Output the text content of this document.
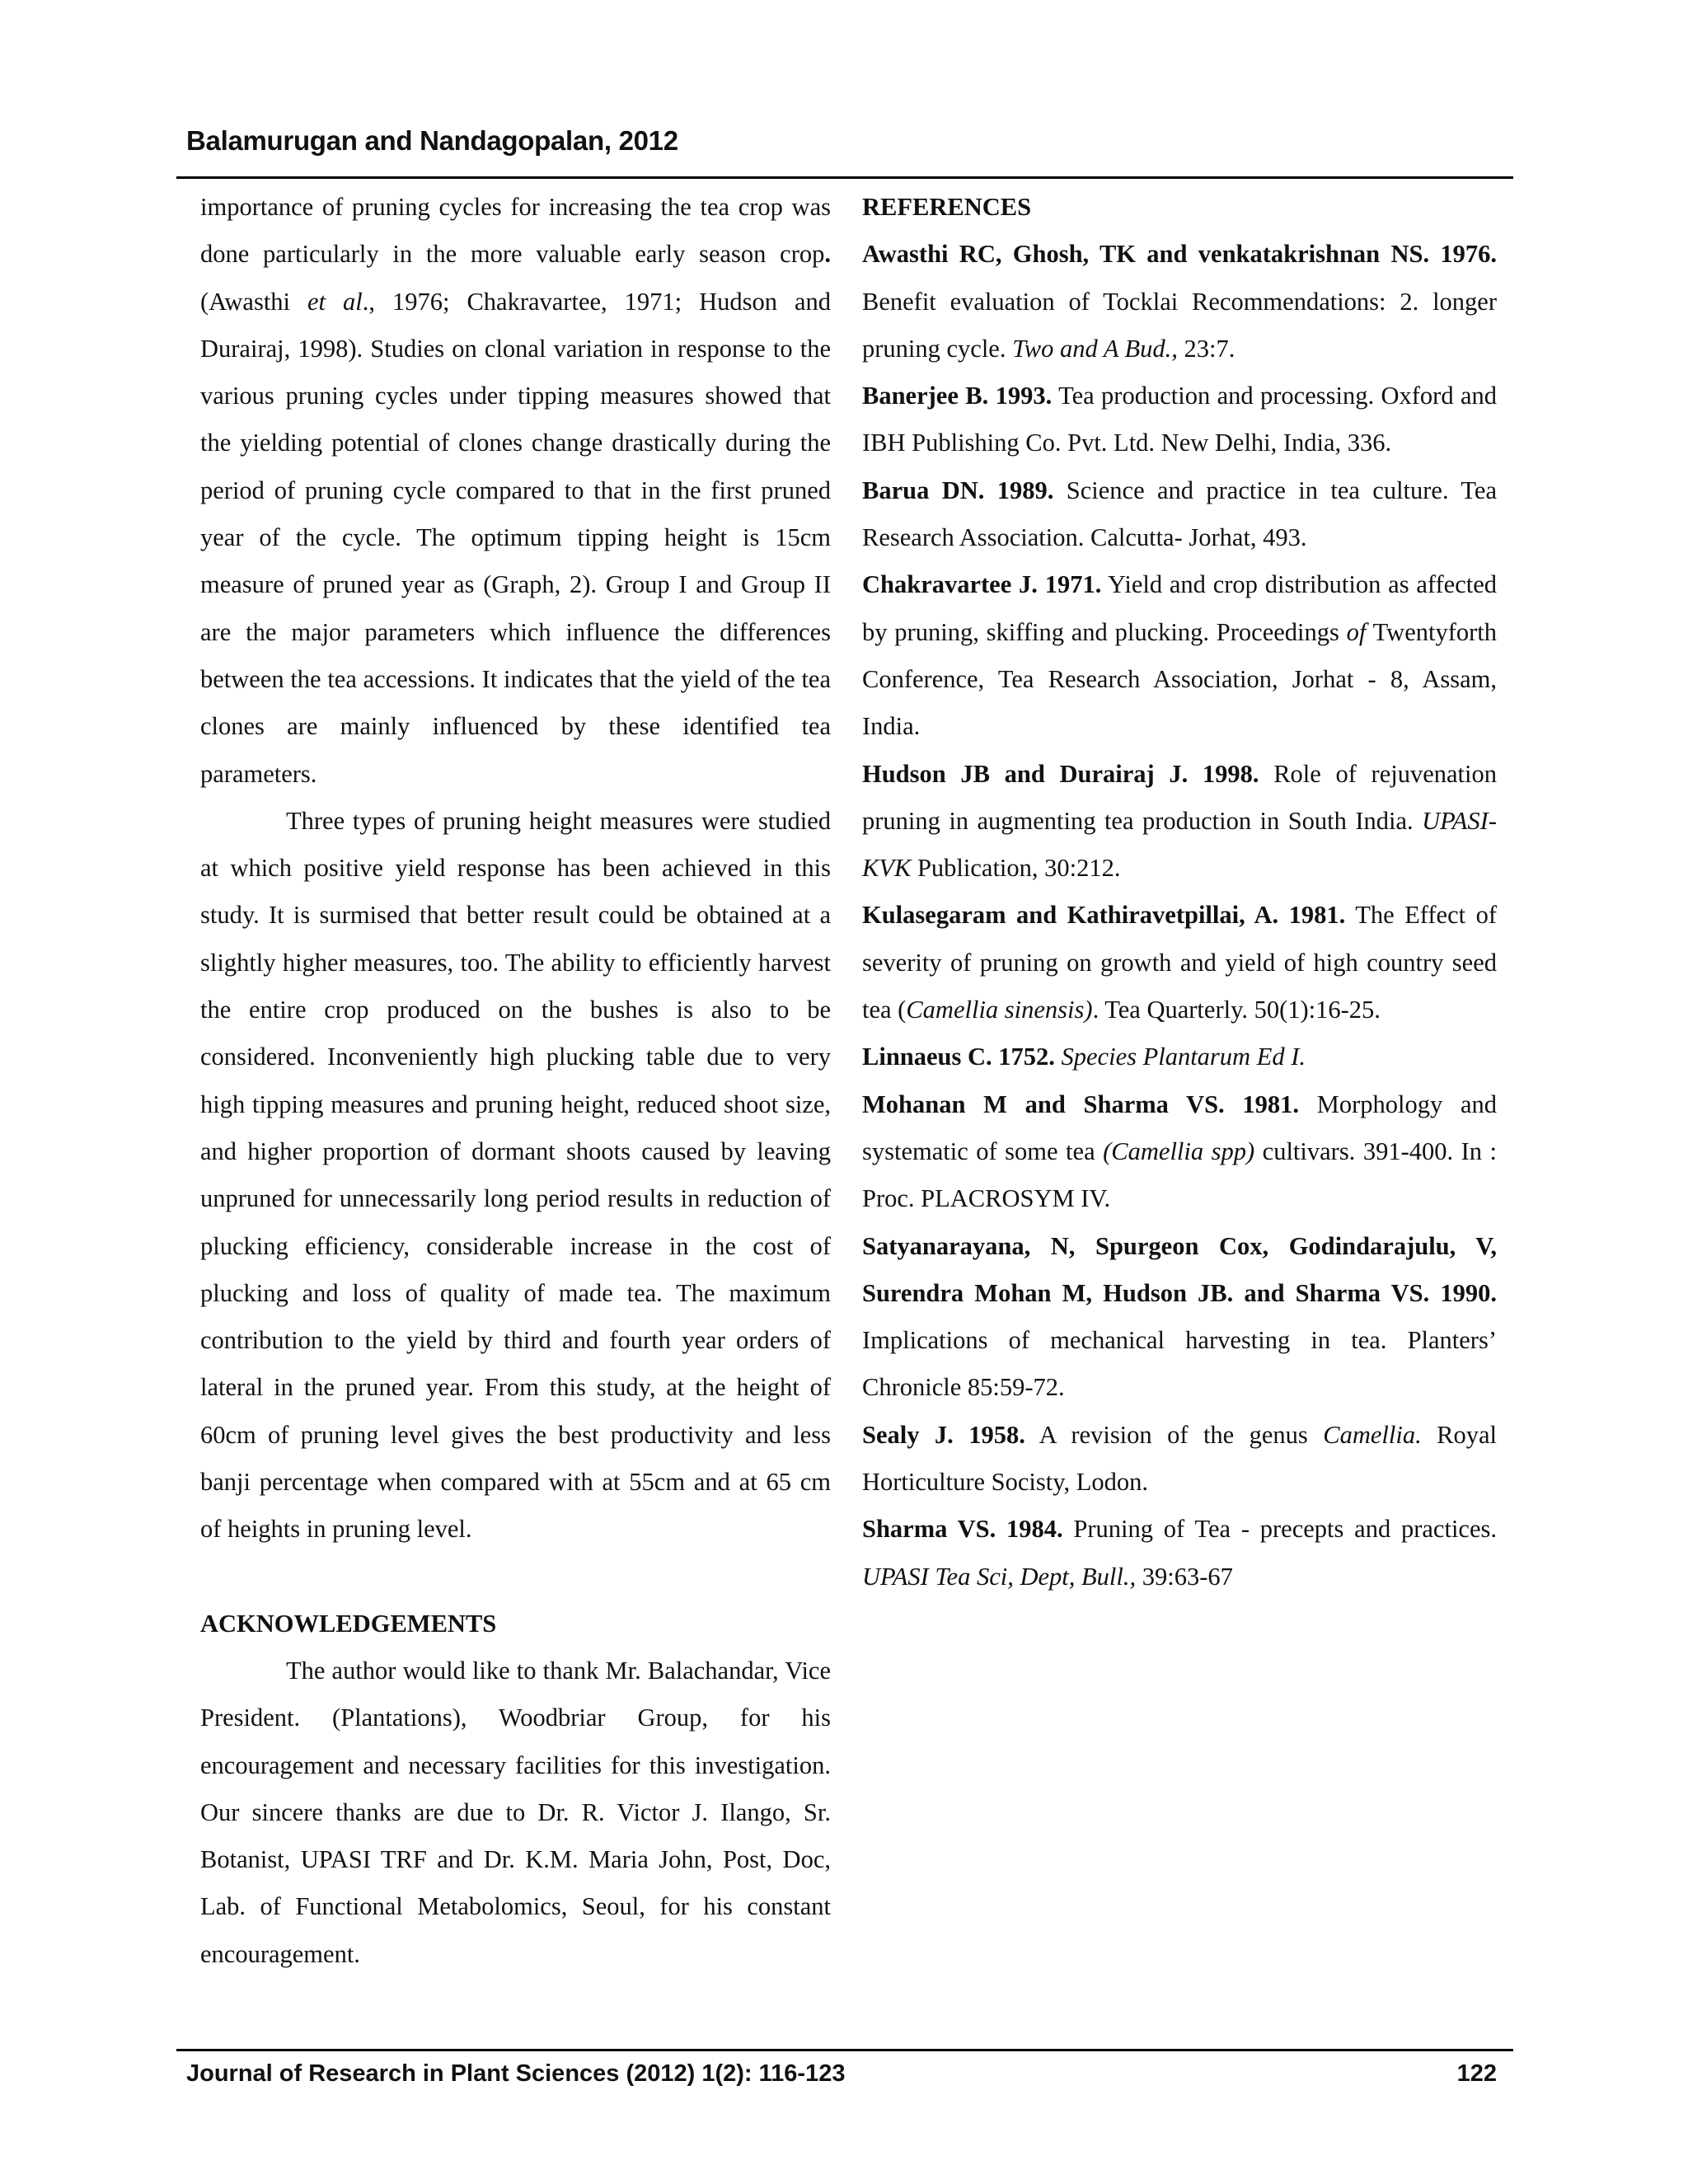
Balamurugan and Nandagopalan, 2012

importance of pruning cycles for increasing the tea crop was done particularly in the more valuable early season crop. (Awasthi et al., 1976; Chakravartee, 1971; Hudson and Durairaj, 1998). Studies on clonal variation in response to the various pruning cycles under tipping measures showed that the yielding potential of clones change drastically during the period of pruning cycle compared to that in the first pruned year of the cycle. The optimum tipping height is 15cm measure of pruned year as (Graph, 2). Group I and Group II are the major parameters which influence the differences between the tea accessions. It indicates that the yield of the tea clones are mainly influenced by these identified tea parameters.

Three types of pruning height measures were studied at which positive yield response has been achieved in this study. It is surmised that better result could be obtained at a slightly higher measures, too. The ability to efficiently harvest the entire crop produced on the bushes is also to be considered. Inconveniently high plucking table due to very high tipping measures and pruning height, reduced shoot size, and higher proportion of dormant shoots caused by leaving unpruned for unnecessarily long period results in reduction of plucking efficiency, considerable increase in the cost of plucking and loss of quality of made tea. The maximum contribution to the yield by third and fourth year orders of lateral in the pruned year. From this study, at the height of 60cm of pruning level gives the best productivity and less banji percentage when compared with at 55cm and at 65 cm of heights in pruning level.

ACKNOWLEDGEMENTS

The author would like to thank Mr. Balachandar, Vice President. (Plantations), Woodbriar Group, for his encouragement and necessary facilities for this investigation. Our sincere thanks are due to Dr. R. Victor J. Ilango, Sr. Botanist, UPASI TRF and Dr. K.M. Maria John, Post, Doc, Lab. of Functional Metabolomics, Seoul, for his constant encouragement.

REFERENCES

Awasthi RC, Ghosh, TK and venkatakrishnan NS. 1976. Benefit evaluation of Tocklai Recommendations: 2. longer pruning cycle. Two and A Bud., 23:7.

Banerjee B. 1993. Tea production and processing. Oxford and IBH Publishing Co. Pvt. Ltd. New Delhi, India, 336.

Barua DN. 1989. Science and practice in tea culture. Tea Research Association. Calcutta- Jorhat, 493.

Chakravartee J. 1971. Yield and crop distribution as affected by pruning, skiffing and plucking. Proceedings of Twentyforth Conference, Tea Research Association, Jorhat - 8, Assam, India.

Hudson JB and Durairaj J. 1998. Role of rejuvenation pruning in augmenting tea production in South India. UPASI-KVK Publication, 30:212.

Kulasegaram and Kathiravetpillai, A. 1981. The Effect of severity of pruning on growth and yield of high country seed tea (Camellia sinensis). Tea Quarterly. 50(1):16-25.

Linnaeus C. 1752. Species Plantarum Ed I.

Mohanan M and Sharma VS. 1981. Morphology and systematic of some tea (Camellia spp) cultivars. 391-400. In : Proc. PLACROSYM IV.

Satyanarayana, N, Spurgeon Cox, Godindarajulu, V, Surendra Mohan M, Hudson JB. and Sharma VS. 1990. Implications of mechanical harvesting in tea. Planters’ Chronicle 85:59-72.

Sealy J. 1958. A revision of the genus Camellia. Royal Horticulture Socisty, Lodon.

Sharma VS. 1984. Pruning of Tea - precepts and practices. UPASI Tea Sci, Dept, Bull., 39:63-67

Journal of Research in Plant Sciences (2012) 1(2): 116-123	122
